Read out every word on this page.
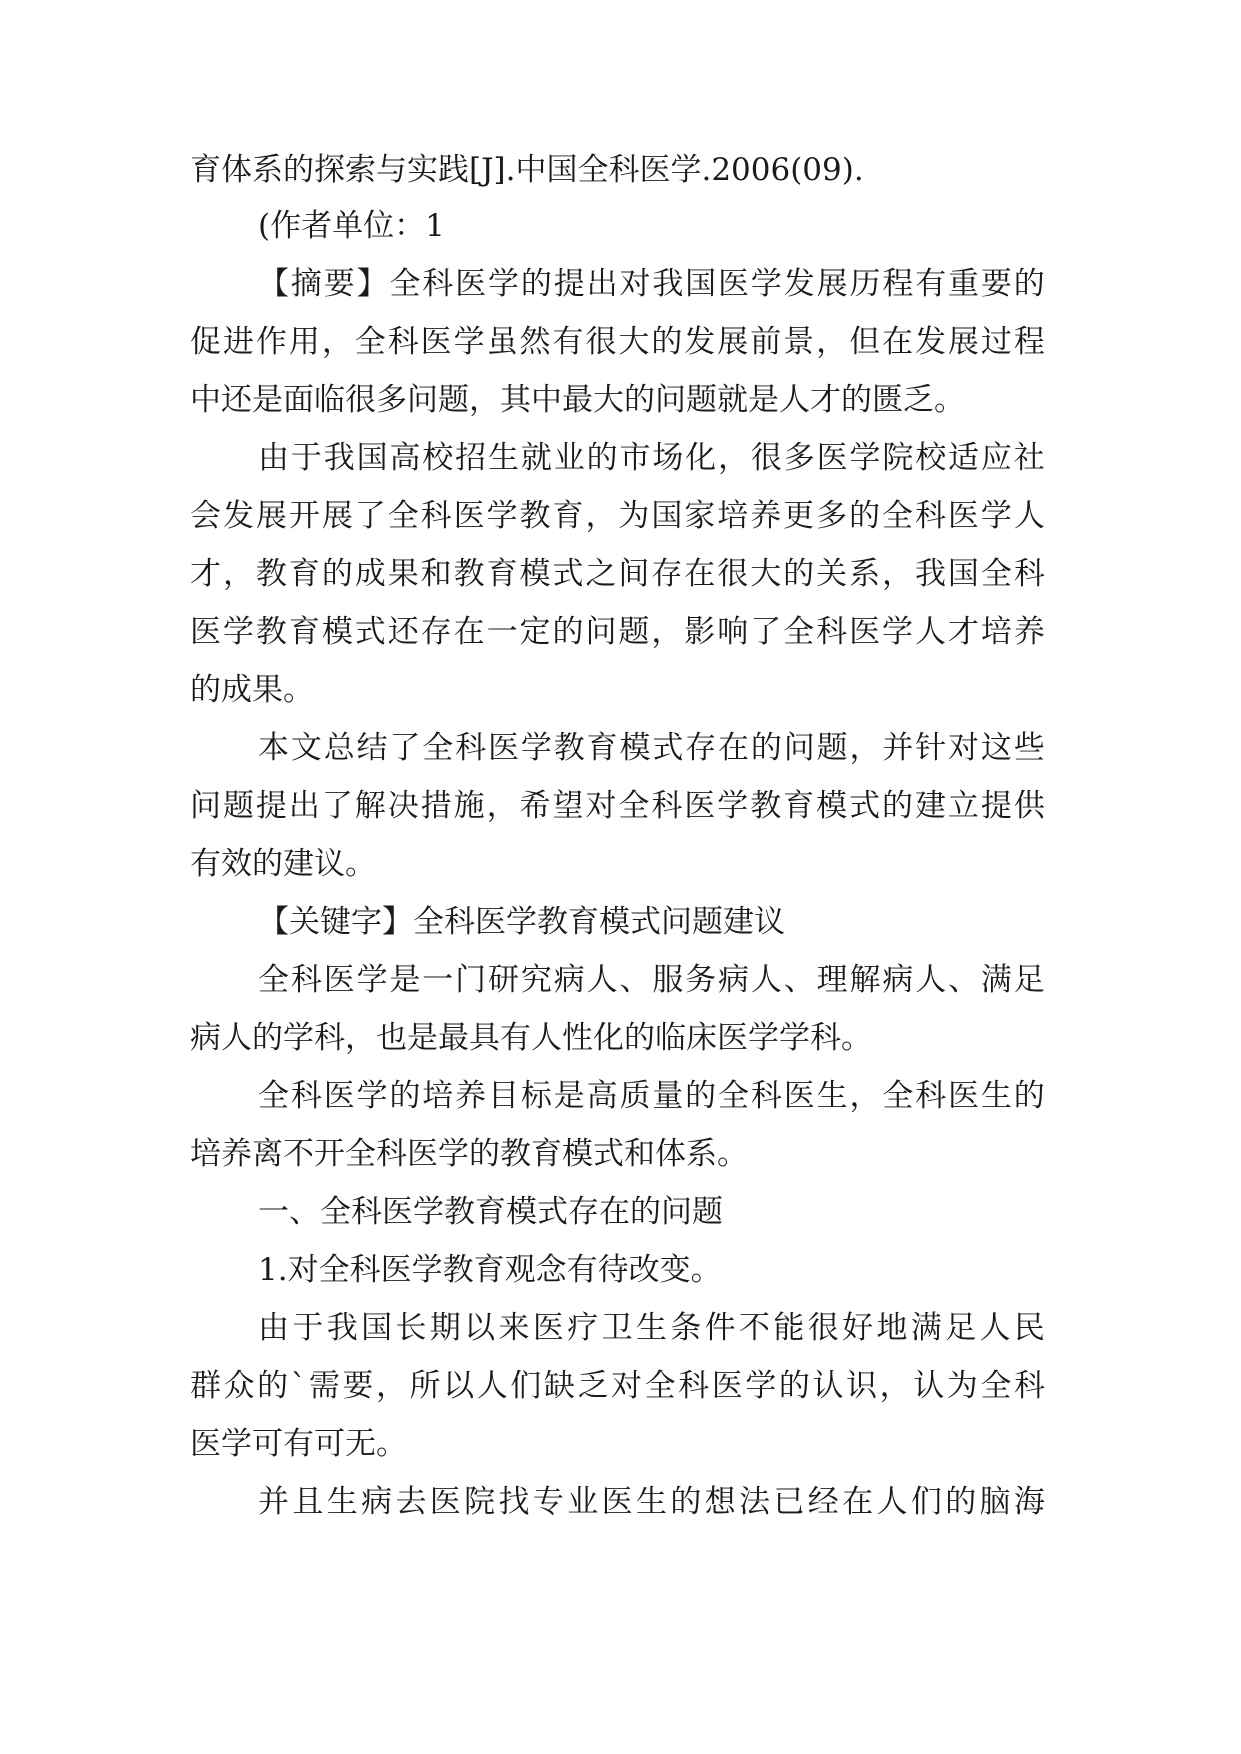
育体系的探索与实践[J].中国全科医学.2006(09).
(作者单位：1
【 摘 要 】 全 科 医 学 的 提 出 对 我 国 医 学 发 展 历 程 有 重 要 的
促 进 作 用 ， 全 科 医 学 虽 然 有 很 大 的 发 展 前 景 ， 但 在 发 展 过 程
中还是面临很多问题，其中最大的问题就是人才的匮乏。
由 于 我 国 高 校 招 生 就 业 的 市 场 化 ， 很 多 医 学 院 校 适 应 社
会 发 展 开 展 了 全 科 医 学 教 育 ， 为 国 家 培 养 更 多 的 全 科 医 学 人
才 ， 教 育 的 成 果 和 教 育 模 式 之 间 存 在 很 大 的 关 系 ， 我 国 全 科
医 学 教 育 模 式 还 存 在 一 定 的 问 题 ， 影 响 了 全 科 医 学 人 才 培 养
的成果。
本 文 总 结 了 全 科 医 学 教 育 模 式 存 在 的 问 题 ， 并 针 对 这 些
问 题 提 出 了 解 决 措 施 ， 希 望 对 全 科 医 学 教 育 模 式 的 建 立 提 供
有效的建议。
【关键字】全科医学教育模式问题建议
全 科 医 学 是 一 门 研 究 病 人 、 服 务 病 人 、 理 解 病 人 、 满 足
病人的学科，也是最具有人性化的临床医学学科。
全 科 医 学 的 培 养 目 标 是 高 质 量 的 全 科 医 生 ， 全 科 医 生 的
培养离不开全科医学的教育模式和体系。
一、全科医学教育模式存在的问题
1.对全科医学教育观念有待改变。
由 于 我 国 长 期 以 来 医 疗 卫 生 条 件 不 能 很 好 地 满 足 人 民
群 众 的 ` 需 要 ， 所 以 人 们 缺 乏 对 全 科 医 学 的 认 识 ， 认 为 全 科
医学可有可无。
并 且 生 病 去 医 院 找 专 业 医 生 的 想 法 已 经 在 人 们 的 脑 海
